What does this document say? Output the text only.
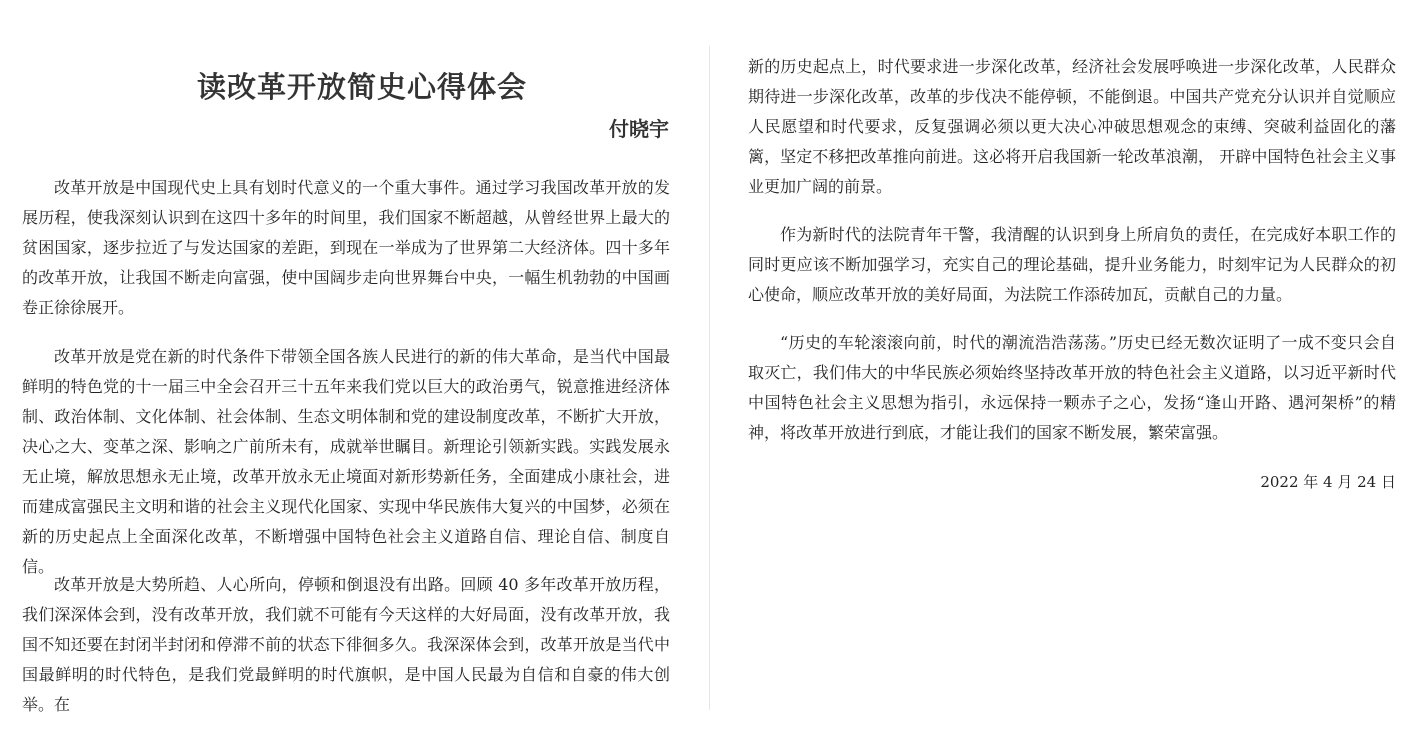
读改革开放简史心得体会
付晓宇

改革开放是中国现代史上具有划时代意义的一个重大事件。通过学习我国改革开放的发展历程，使我深刻认识到在这四十多年的时间里，我们国家不断超越，从曾经世界上最大的贫困国家，逐步拉近了与发达国家的差距，到现在一举成为了世界第二大经济体。四十多年的改革开放，让我国不断走向富强，使中国阔步走向世界舞台中央，一幅生机勃勃的中国画卷正徐徐展开。

改革开放是党在新的时代条件下带领全国各族人民进行的新的伟大革命，是当代中国最鲜明的特色党的十一届三中全会召开三十五年来我们党以巨大的政治勇气，锐意推进经济体制、政治体制、文化体制、社会体制、生态文明体制和党的建设制度改革，不断扩大开放，决心之大、变革之深、影响之广前所未有，成就举世瞩目。新理论引领新实践。实践发展永无止境，解放思想永无止境，改革开放永无止境面对新形势新任务，全面建成小康社会，进而建成富强民主文明和谐的社会主义现代化国家、实现中华民族伟大复兴的中国梦，必须在新的历史起点上全面深化改革，不断增强中国特色社会主义道路自信、理论自信、制度自信。

改革开放是大势所趋、人心所向，停顿和倒退没有出路。回顾 40 多年改革开放历程，我们深深体会到，没有改革开放，我们就不可能有今天这样的大好局面，没有改革开放，我国不知还要在封闭半封闭和停滞不前的状态下徘徊多久。我深深体会到，改革开放是当代中国最鲜明的时代特色，是我们党最鲜明的时代旗帜，是中国人民最为自信和自豪的伟大创举。在

新的历史起点上，时代要求进一步深化改革，经济社会发展呼唤进一步深化改革，人民群众期待进一步深化改革，改革的步伐决不能停顿，不能倒退。中国共产党充分认识并自觉顺应人民愿望和时代要求，反复强调必须以更大决心冲破思想观念的束缚、突破利益固化的藩篱，坚定不移把改革推向前进。这必将开启我国新一轮改革浪潮， 开辟中国特色社会主义事业更加广阔的前景。

作为新时代的法院青年干警，我清醒的认识到身上所肩负的责任，在完成好本职工作的同时更应该不断加强学习，充实自己的理论基础，提升业务能力，时刻牢记为人民群众的初心使命，顺应改革开放的美好局面，为法院工作添砖加瓦，贡献自己的力量。

“历史的车轮滚滚向前，时代的潮流浩浩荡荡。”历史已经无数次证明了一成不变只会自取灭亡，我们伟大的中华民族必须始终坚持改革开放的特色社会主义道路，以习近平新时代中国特色社会主义思想为指引，永远保持一颗赤子之心，发扬“逢山开路、遇河架桥”的精神，将改革开放进行到底，才能让我们的国家不断发展，繁荣富强。

2022 年 4 月 24 日
